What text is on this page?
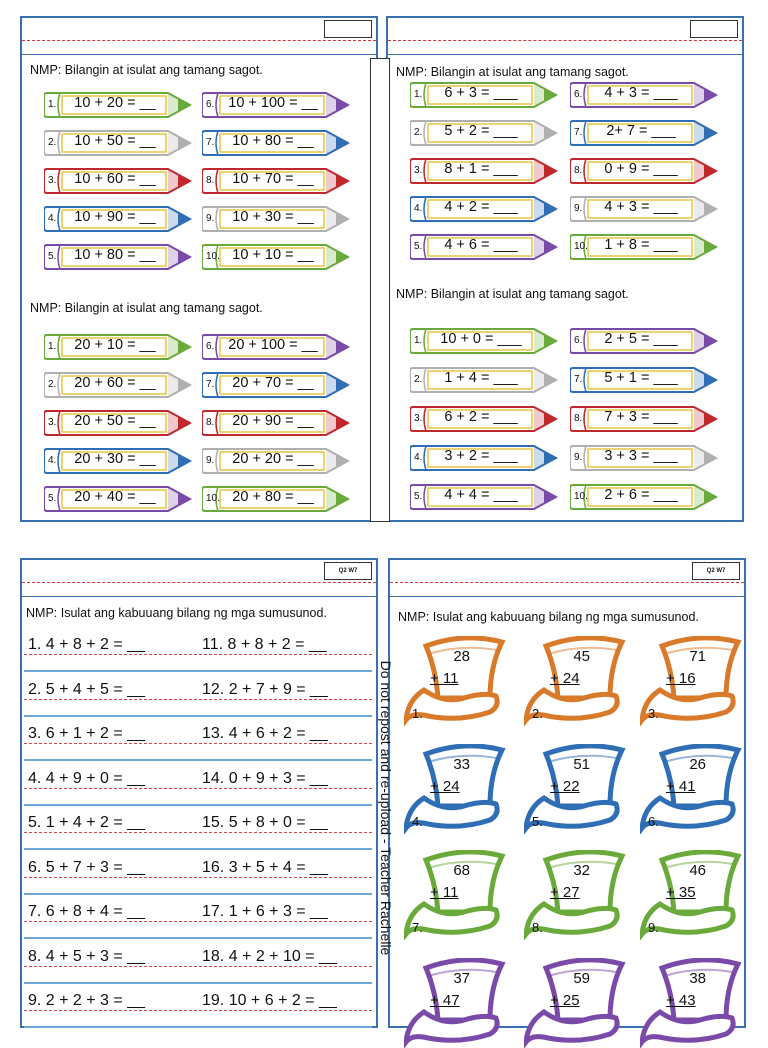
Q2 W7	Q2 W7
NMP: Bilangin at isulat ang tamang sagot.
NMP: Bilangin at isulat ang tamang sagot.
NMP: Bilangin at isulat ang tamang sagot.
NMP: Bilangin at isulat ang tamang sagot.
NMP: Isulat ang kabuuang bilang ng mga sumusunod.	NMP: Isulat ang kabuuang bilang ng mga sumusunod.
1.	10 + 20 = __	6. 10 + 100 = __
2.	10 + 50 = __	7.	10 + 80 = __
3.	10 + 60 = __	8.	10 + 70 = __
4.	10 + 90 = __	9.	10 + 30 = __
5.	10 + 80 = __	10. 10 + 10 = __
1.	20 + 10 = __	6. 20 + 100 = __
2.	20 + 60 = __	7.	20 + 70 = __
3.	20 + 50 = __	8.	20 + 90 = __
4.	20 + 30 = __	9.	20 + 20 = __
5.	20 + 40 = __	10. 20 + 80 = __
1.	6 + 3 = ___	6.	4 + 3 = ___
2.	5 + 2 = ___	7.	2+ 7 = ___
3.	8 + 1 = ___	8.	0 + 9 = ___
4.	4 + 2 = ___	9.	4 + 3 = ___
5.	4 + 6 = ___	10.	1 + 8 = ___
1.	10 + 0 = ___	6.	2 + 5 = ___
2.	1 + 4 = ___	7.	5 + 1 = ___
3.	6 + 2 = ___	8.	7 + 3 = ___
4.	3 + 2 = ___	9.	3 + 3 = ___
5.	4 + 4 = ___	10.	2 + 6 = ___
1. 4 + 8 + 2 = __	11. 8 + 8 + 2 = __
2. 5 + 4 + 5 = __	12. 2 + 7 + 9 = __
3. 6 + 1 + 2 = __	13. 4 + 6 + 2 = __
4. 4 + 9 + 0 = __	14. 0 + 9 + 3 = __
5. 1 + 4 + 2 = __	15. 5 + 8 + 0 = __
6. 5 + 7 + 3 = __	16. 3 + 5 + 4 = __
7. 6 + 8 + 4 = __	17. 1 + 6 + 3 = __
8. 4 + 5 + 3 = __	18. 4 + 2 + 10 = __
9. 2 + 2 + 3 = __	19. 10 + 6 + 2 = __
28
+ 11
1.
45
+ 24
2.
71
+ 16
3.
33
+ 24
4.
51
+ 22
5.
26
+ 41
6.
68
+ 11
7.
32
+ 27
8.
46
+ 35
9.
37
+ 47
59
+ 25
38
+ 43
Do not repost and re-upload - Teacher Rachelle
